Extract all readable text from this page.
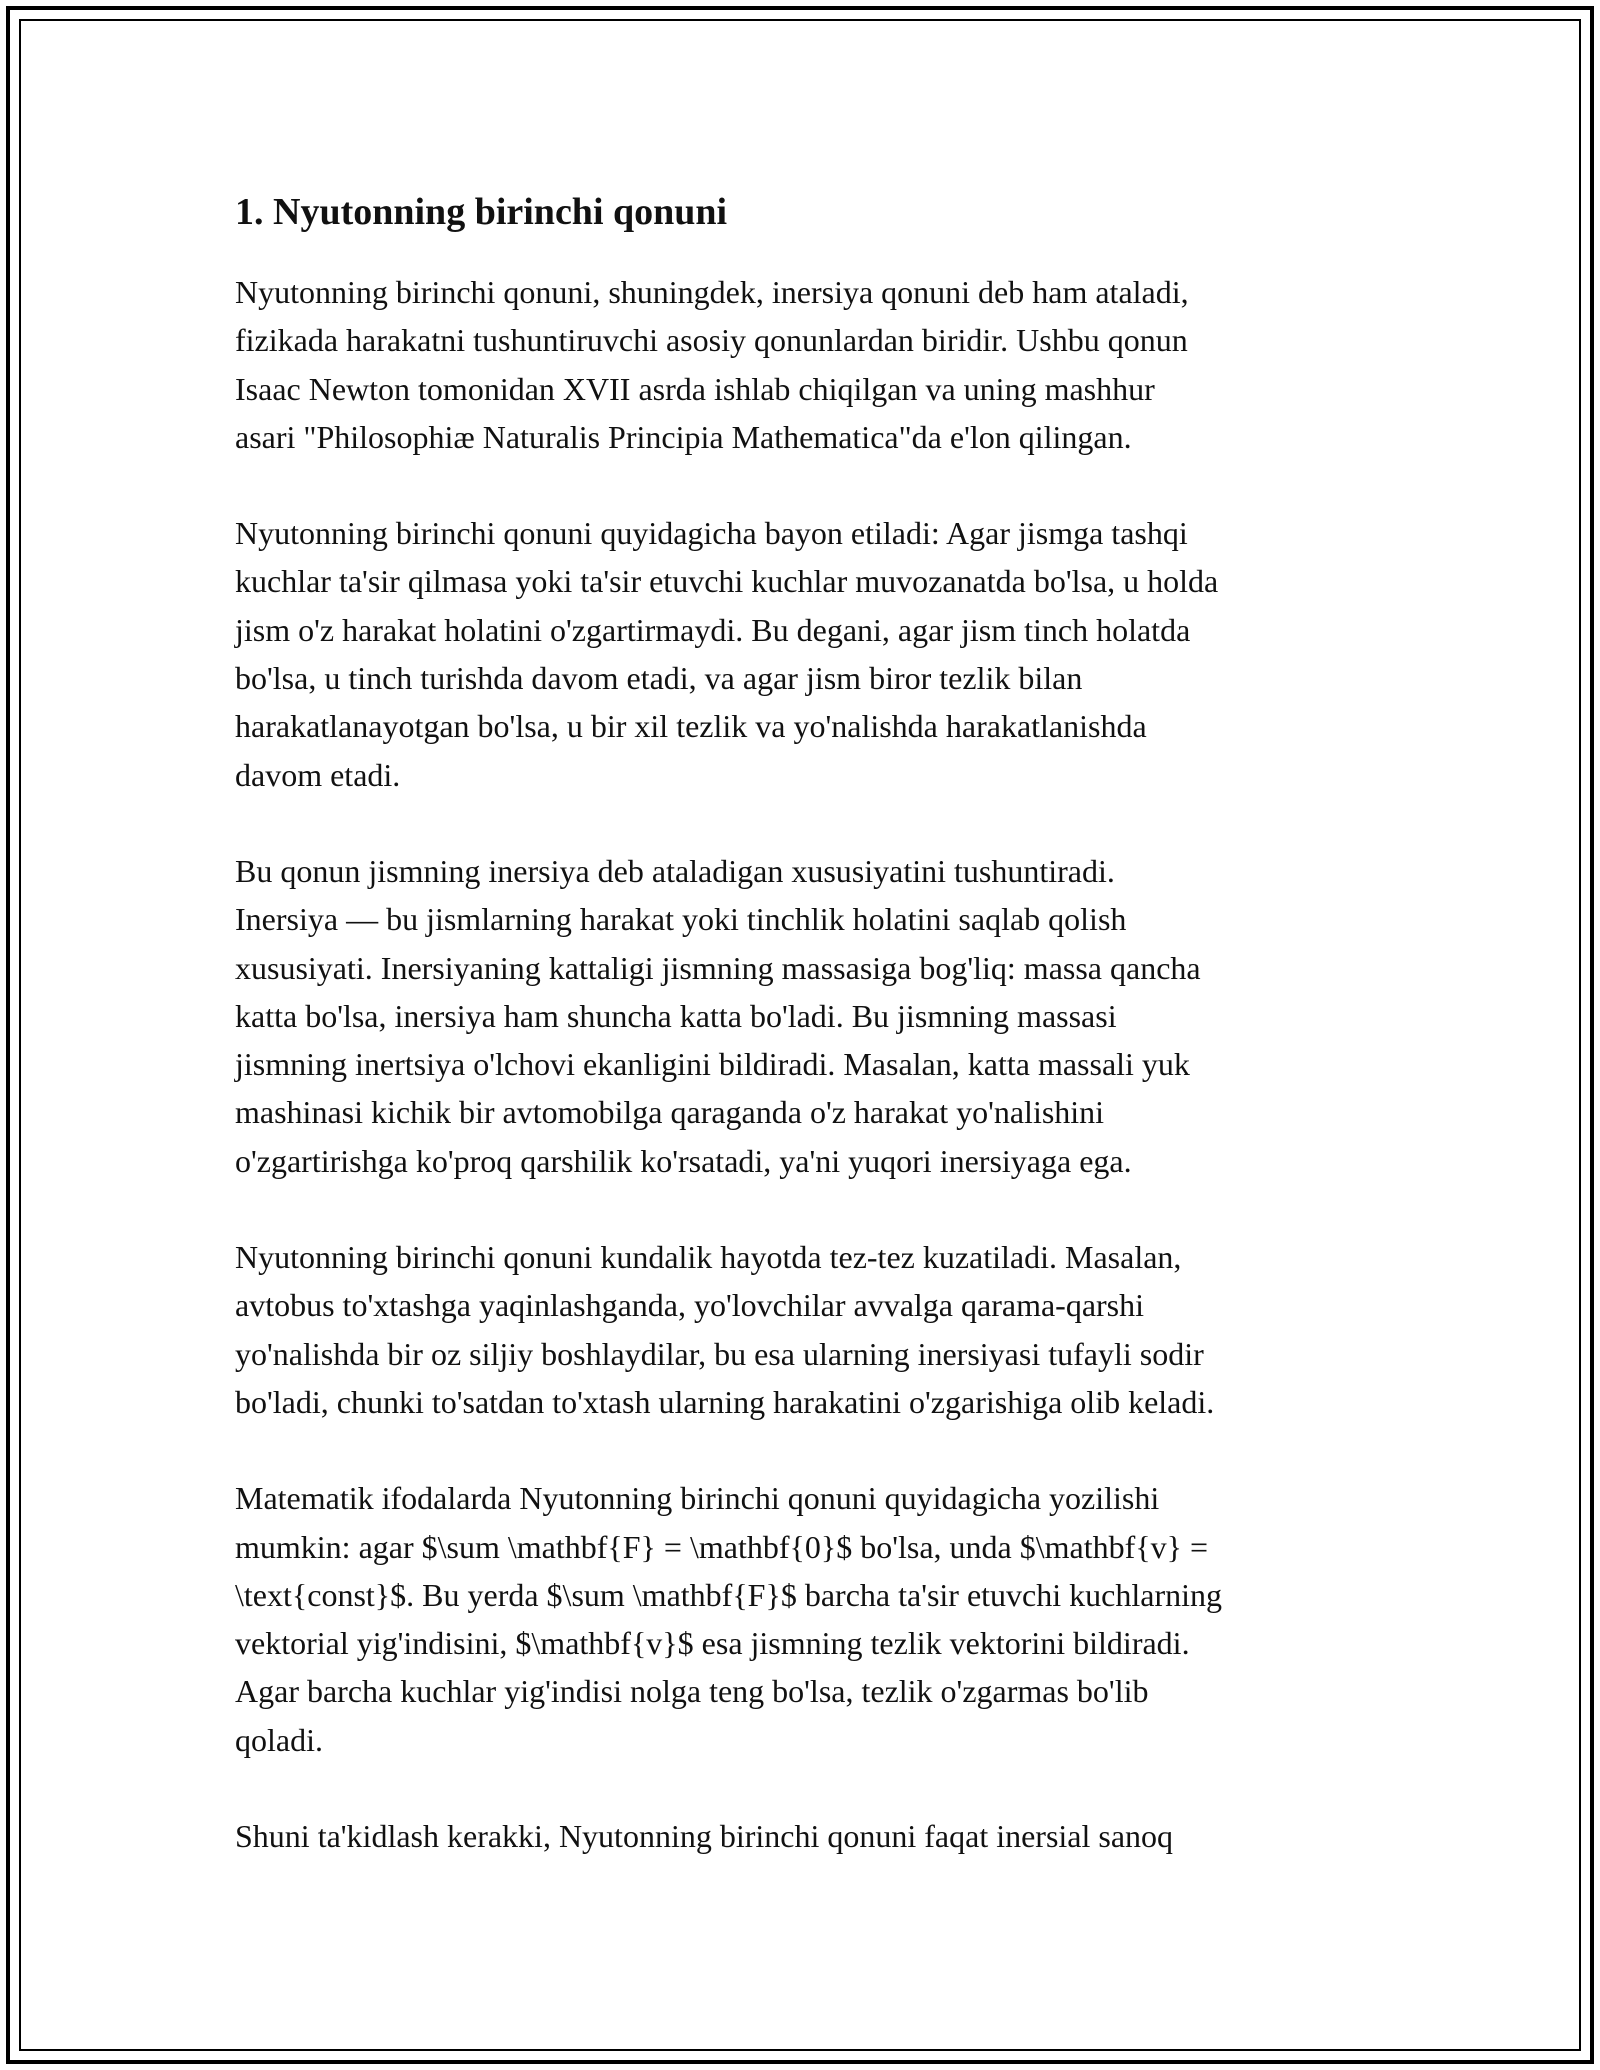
1. Nyutonning birinchi qonuni

Nyutonning birinchi qonuni, shuningdek, inersiya qonuni deb ham ataladi,
fizikada harakatni tushuntiruvchi asosiy qonunlardan biridir. Ushbu qonun
Isaac Newton tomonidan XVII asrda ishlab chiqilgan va uning mashhur
asari "Philosophiæ Naturalis Principia Mathematica"da e'lon qilingan.

Nyutonning birinchi qonuni quyidagicha bayon etiladi: Agar jismga tashqi
kuchlar ta'sir qilmasa yoki ta'sir etuvchi kuchlar muvozanatda bo'lsa, u holda
jism o'z harakat holatini o'zgartirmaydi. Bu degani, agar jism tinch holatda
bo'lsa, u tinch turishda davom etadi, va agar jism biror tezlik bilan
harakatlanayotgan bo'lsa, u bir xil tezlik va yo'nalishda harakatlanishda
davom etadi.

Bu qonun jismning inersiya deb ataladigan xususiyatini tushuntiradi.
Inersiya — bu jismlarning harakat yoki tinchlik holatini saqlab qolish
xususiyati. Inersiyaning kattaligi jismning massasiga bog'liq: massa qancha
katta bo'lsa, inersiya ham shuncha katta bo'ladi. Bu jismning massasi
jismning inertsiya o'lchovi ekanligini bildiradi. Masalan, katta massali yuk
mashinasi kichik bir avtomobilga qaraganda o'z harakat yo'nalishini
o'zgartirishga ko'proq qarshilik ko'rsatadi, ya'ni yuqori inersiyaga ega.

Nyutonning birinchi qonuni kundalik hayotda tez-tez kuzatiladi. Masalan,
avtobus to'xtashga yaqinlashganda, yo'lovchilar avvalga qarama-qarshi
yo'nalishda bir oz siljiy boshlaydilar, bu esa ularning inersiyasi tufayli sodir
bo'ladi, chunki to'satdan to'xtash ularning harakatini o'zgarishiga olib keladi.

Matematik ifodalarda Nyutonning birinchi qonuni quyidagicha yozilishi
mumkin: agar $\sum \mathbf{F} = \mathbf{0}$ bo'lsa, unda $\mathbf{v} =
\text{const}$. Bu yerda $\sum \mathbf{F}$ barcha ta'sir etuvchi kuchlarning
vektorial yig'indisini, $\mathbf{v}$ esa jismning tezlik vektorini bildiradi.
Agar barcha kuchlar yig'indisi nolga teng bo'lsa, tezlik o'zgarmas bo'lib
qoladi.

Shuni ta'kidlash kerakki, Nyutonning birinchi qonuni faqat inersial sanoq
